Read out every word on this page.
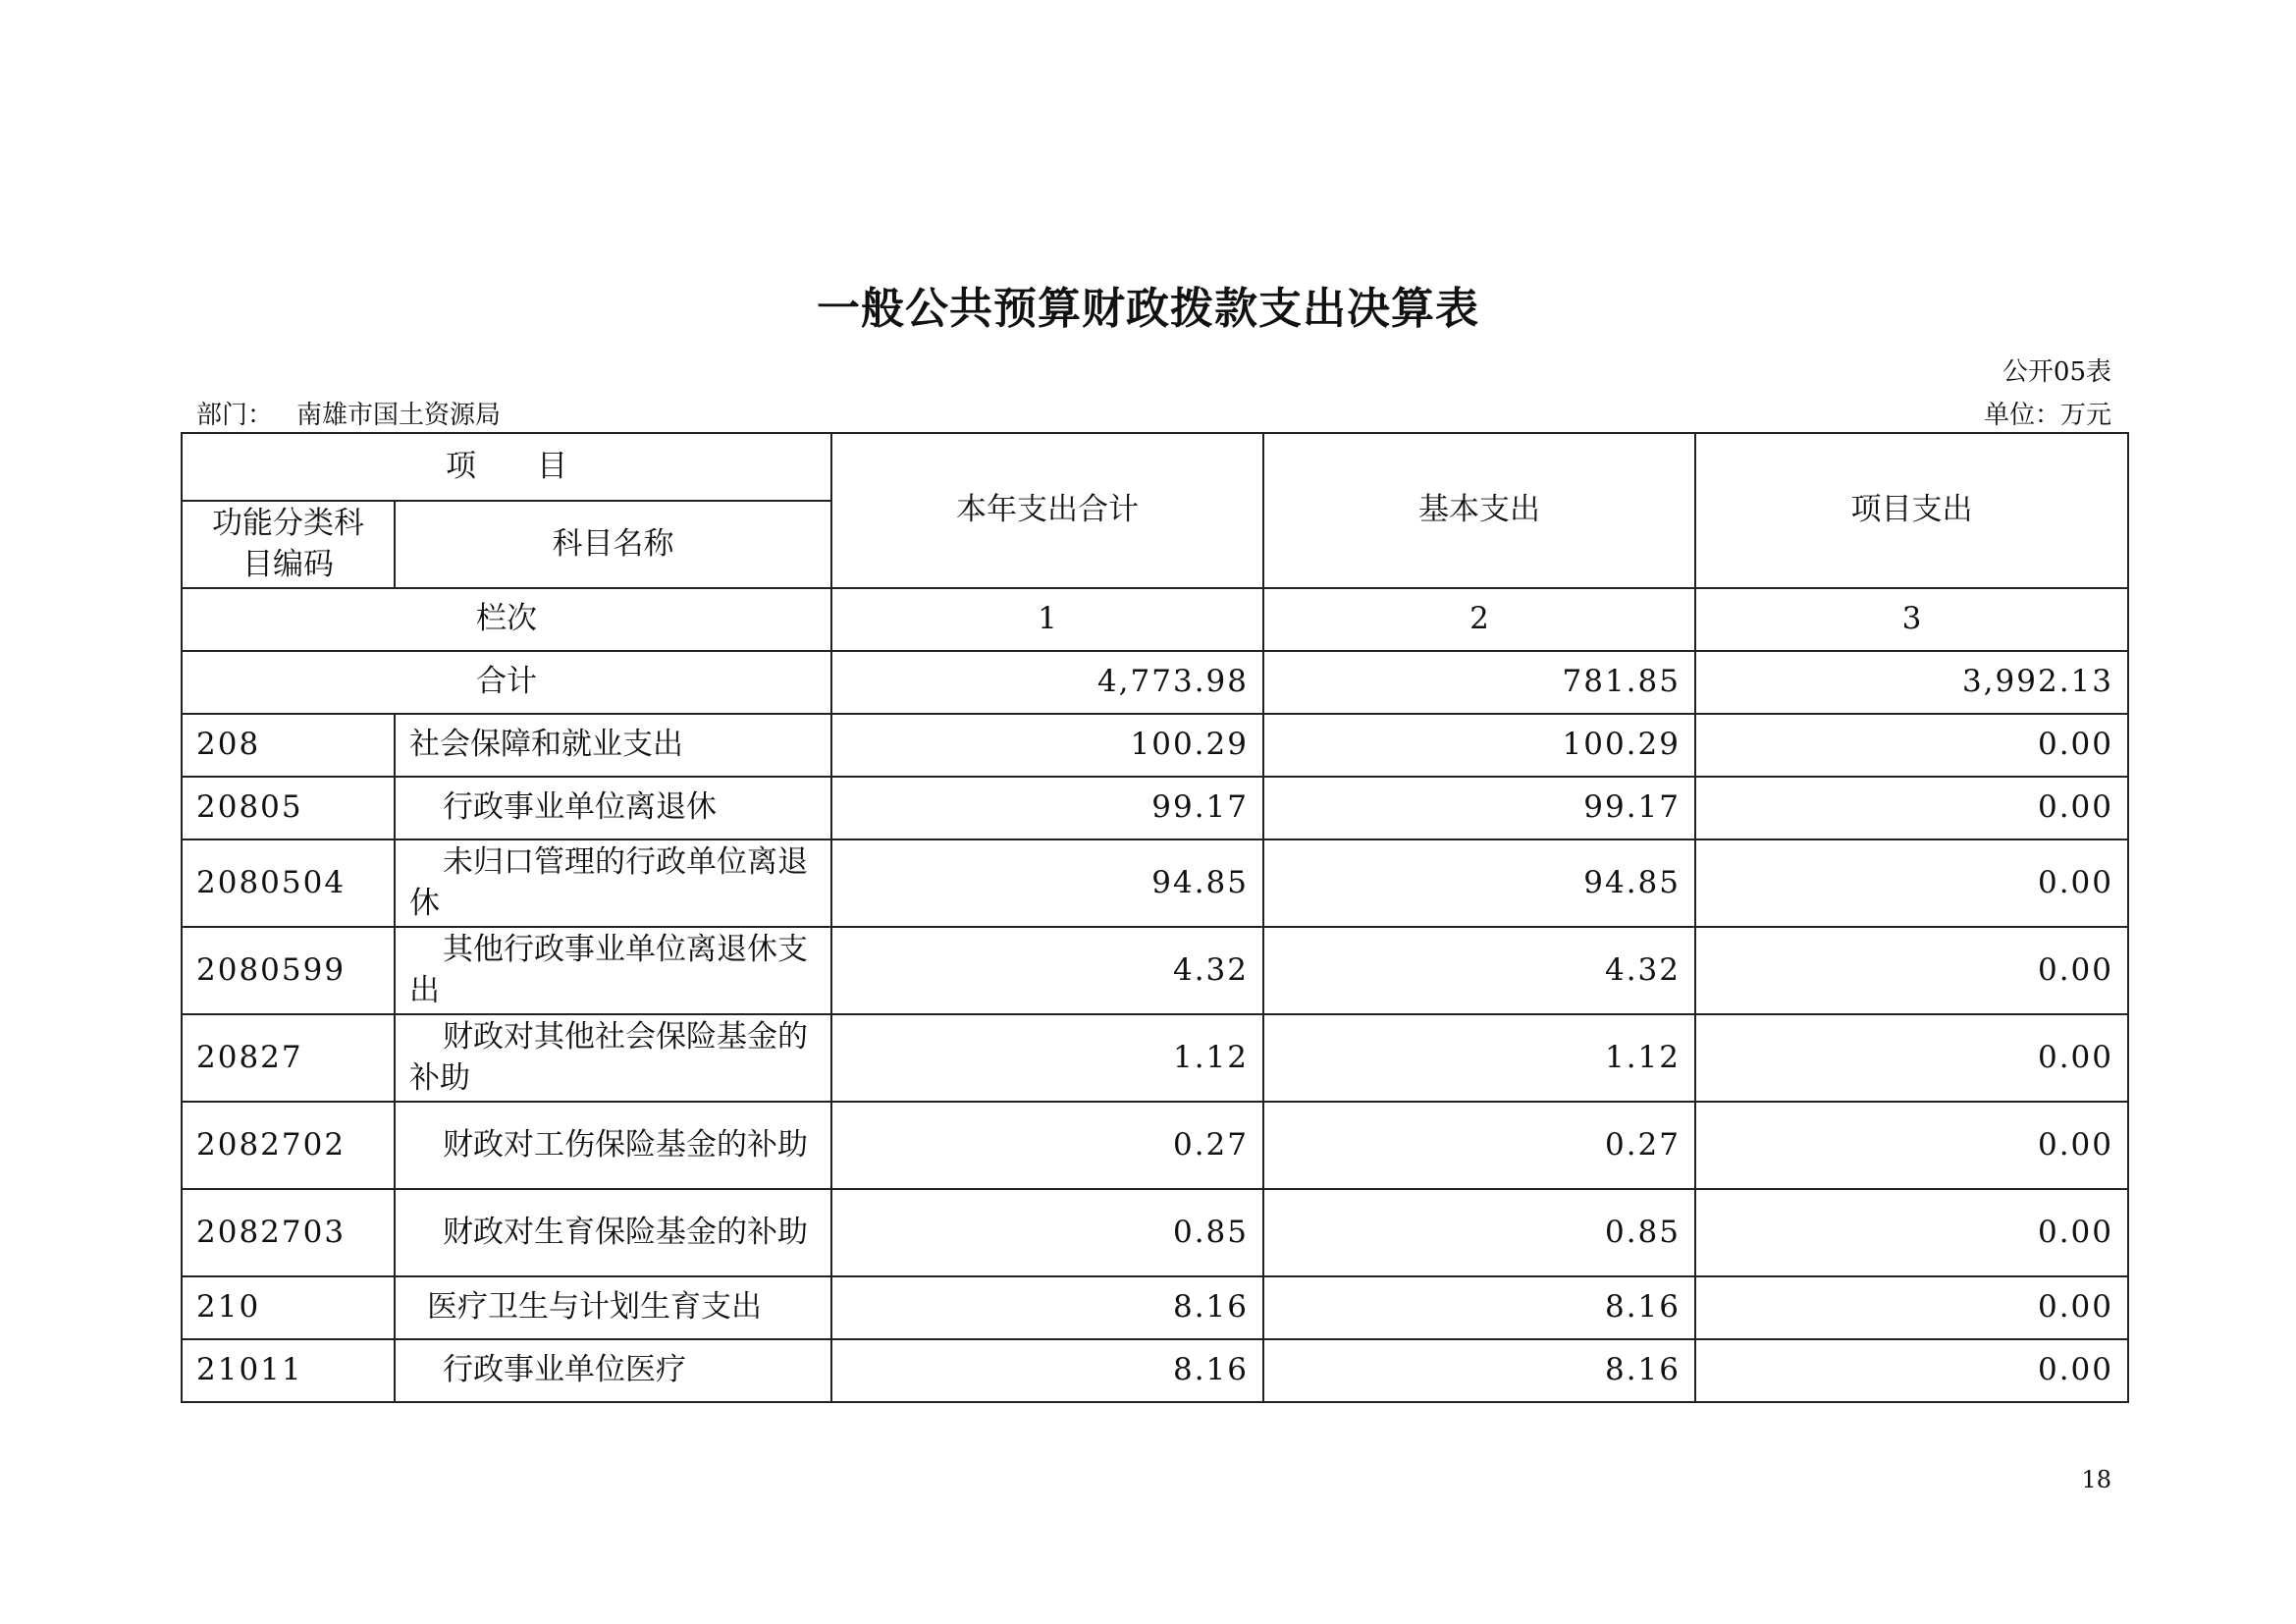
一般公共预算财政拨款支出决算表
公开05表
部门： 南雄市国土资源局	单位：万元
项　　目		本年支出合计	基本支出	项目支出
功能分类科目编码	科目名称			
栏次		1	2	3
合计		4,773.98	781.85	3,992.13
208	社会保障和就业支出	100.29	100.29	0.00
20805	行政事业单位离退休	99.17	99.17	0.00
2080504	未归口管理的行政单位离退休	94.85	94.85	0.00
2080599	其他行政事业单位离退休支出	4.32	4.32	0.00
20827	财政对其他社会保险基金的补助	1.12	1.12	0.00
2082702	财政对工伤保险基金的补助	0.27	0.27	0.00
2082703	财政对生育保险基金的补助	0.85	0.85	0.00
210	医疗卫生与计划生育支出	8.16	8.16	0.00
21011	行政事业单位医疗	8.16	8.16	0.00
18
